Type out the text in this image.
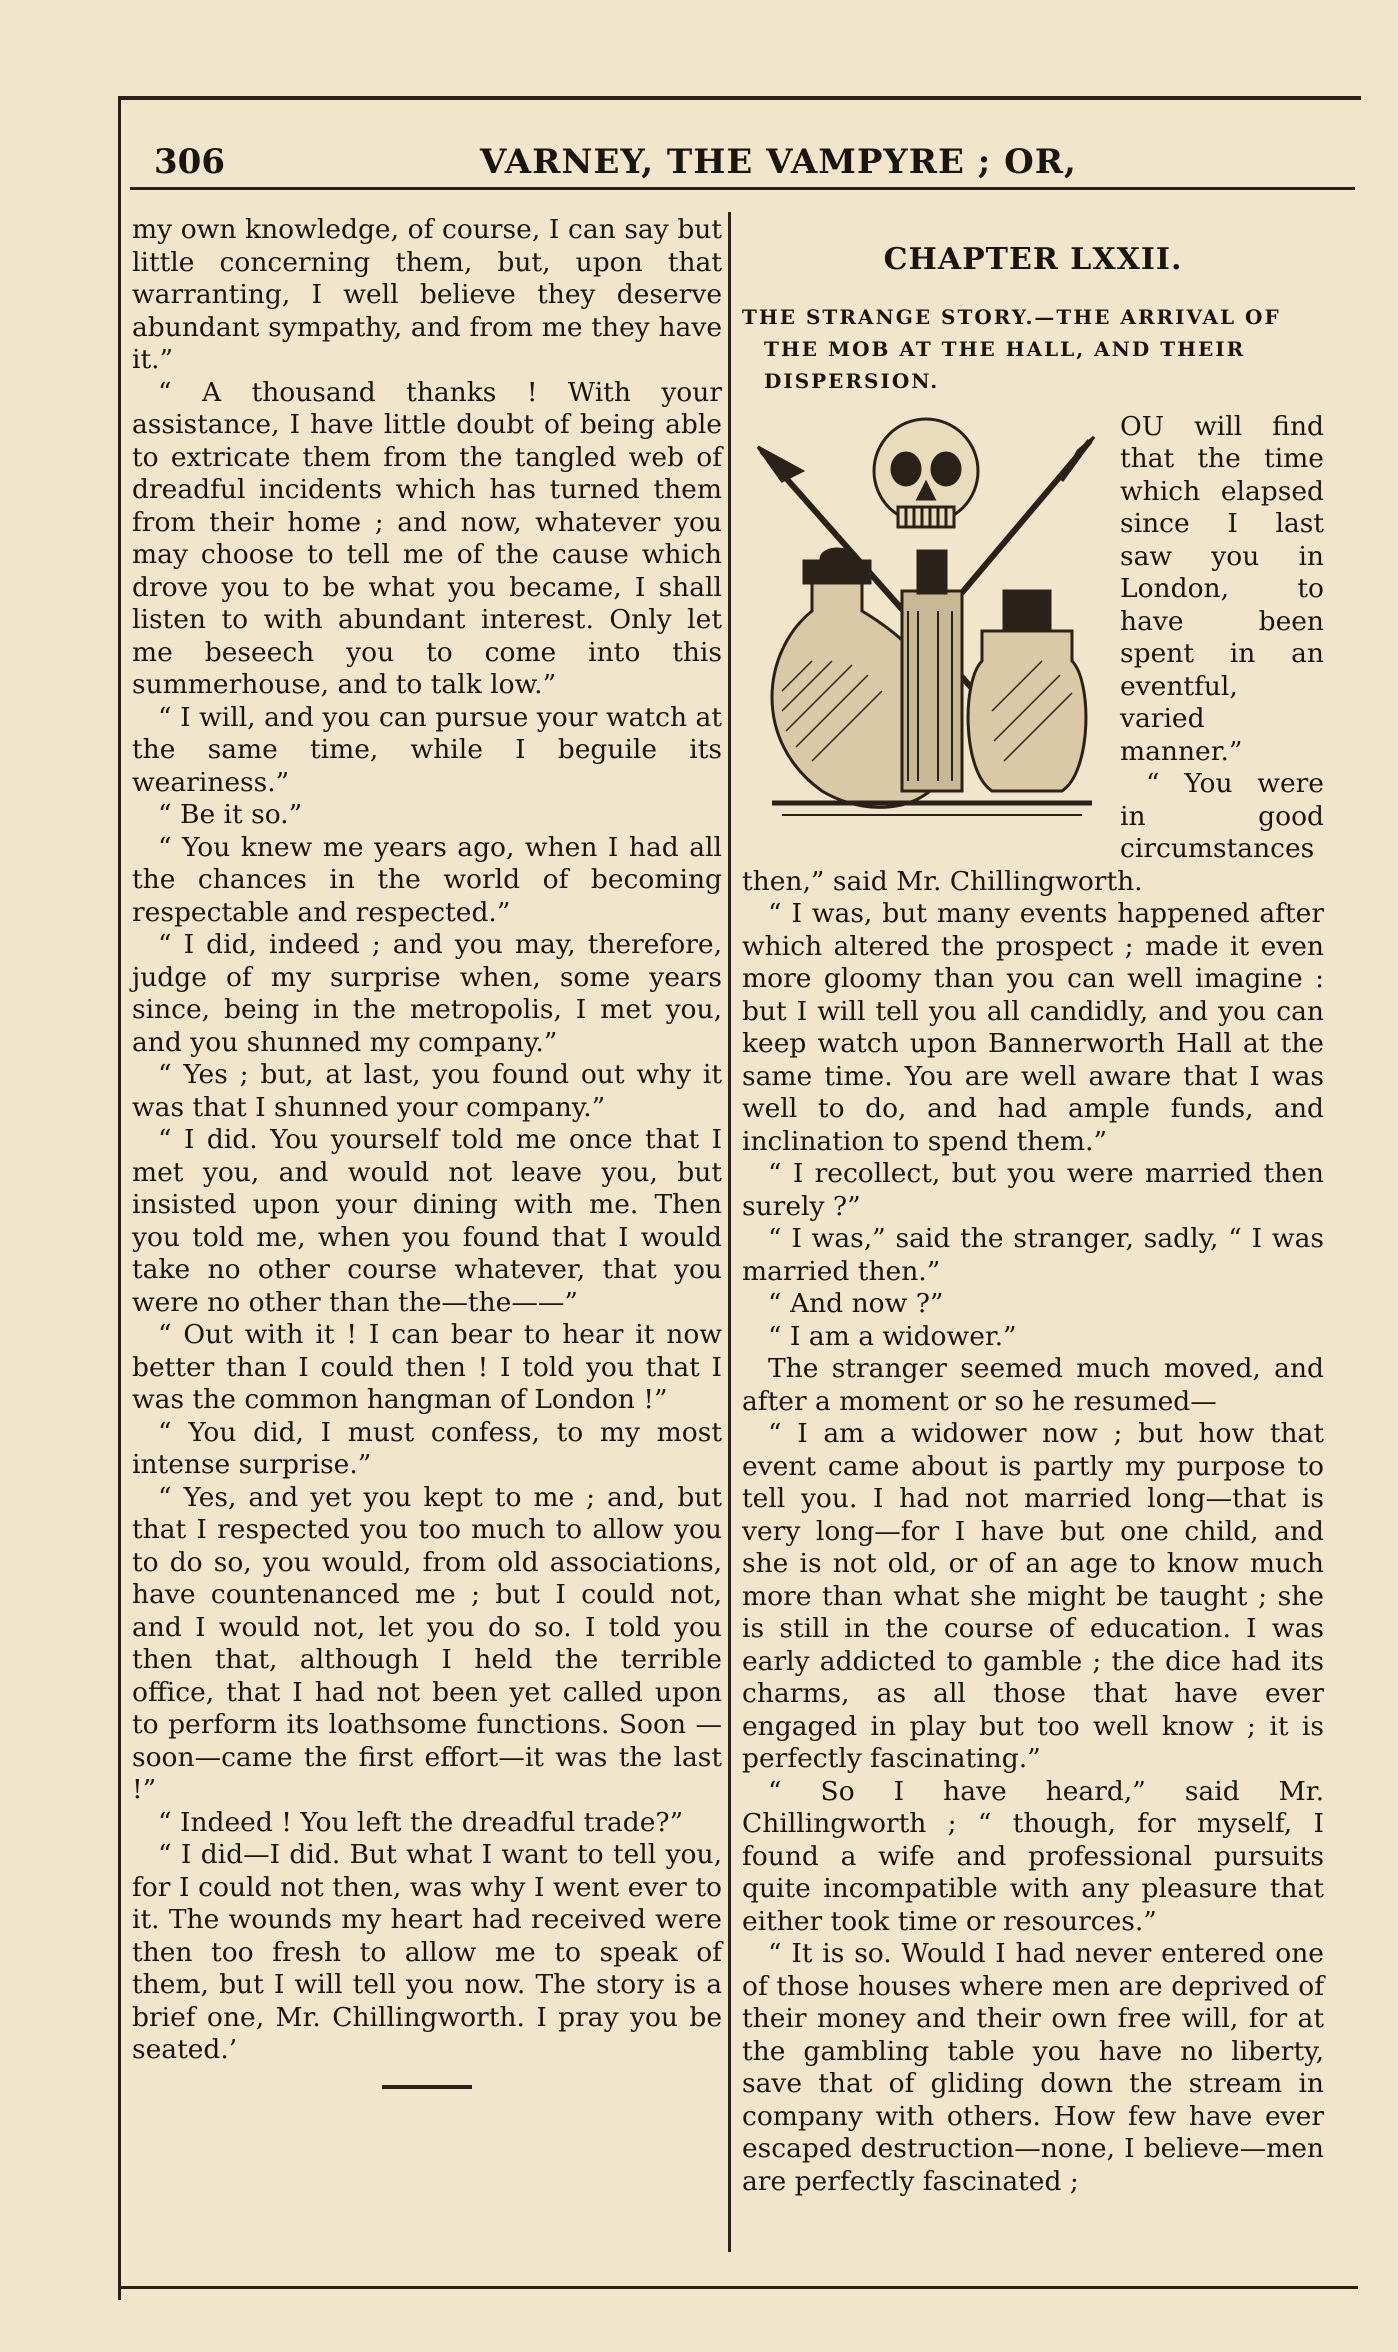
306	VARNEY, THE VAMPYRE ; OR,

my own knowledge, of course, I can say but little concerning them, but, upon that warranting, I well believe they deserve abundant sympathy, and from me they have it.”

“ A thousand thanks ! With your assistance, I have little doubt of being able to extricate them from the tangled web of dreadful incidents which has turned them from their home ; and now, whatever you may choose to tell me of the cause which drove you to be what you became, I shall listen to with abundant interest. Only let me beseech you to come into this summerhouse, and to talk low.”

“ I will, and you can pursue your watch at the same time, while I beguile its weariness.”

“ Be it so.”

“ You knew me years ago, when I had all the chances in the world of becoming respectable and respected.”

“ I did, indeed ; and you may, therefore, judge of my surprise when, some years since, being in the metropolis, I met you, and you shunned my company.”

“ Yes ; but, at last, you found out why it was that I shunned your company.”

“ I did. You yourself told me once that I met you, and would not leave you, but insisted upon your dining with me. Then you told me, when you found that I would take no other course whatever, that you were no other than the—the——”

“ Out with it ! I can bear to hear it now better than I could then ! I told you that I was the common hangman of London !”

“ You did, I must confess, to my most intense surprise.”

“ Yes, and yet you kept to me ; and, but that I respected you too much to allow you to do so, you would, from old associations, have countenanced me ; but I could not, and I would not, let you do so. I told you then that, although I held the terrible office, that I had not been yet called upon to perform its loathsome functions. Soon —soon—came the first effort—it was the last !”

“ Indeed ! You left the dreadful trade?”

“ I did—I did. But what I want to tell you, for I could not then, was why I went ever to it. The wounds my heart had received were then too fresh to allow me to speak of them, but I will tell you now. The story is a brief one, Mr. Chillingworth. I pray you be seated.’

CHAPTER LXXII.
THE STRANGE STORY.—THE ARRIVAL OF THE MOB AT THE HALL, AND THEIR DISPERSION.

OU will find that the time which elapsed since I last saw you in London, to have been spent in an eventful, varied manner.”

“ You were in good circumstances then,” said Mr. Chillingworth.

“ I was, but many events happened after which altered the prospect ; made it even more gloomy than you can well imagine : but I will tell you all candidly, and you can keep watch upon Bannerworth Hall at the same time. You are well aware that I was well to do, and had ample funds, and inclination to spend them.”

“ I recollect, but you were married then surely ?”

“ I was,” said the stranger, sadly, “ I was married then.”

“ And now ?”

“ I am a widower.”

The stranger seemed much moved, and after a moment or so he resumed—

“ I am a widower now ; but how that event came about is partly my purpose to tell you. I had not married long—that is very long—for I have but one child, and she is not old, or of an age to know much more than what she might be taught ; she is still in the course of education. I was early addicted to gamble ; the dice had its charms, as all those that have ever engaged in play but too well know ; it is perfectly fascinating.”

“ So I have heard,” said Mr. Chillingworth ; “ though, for myself, I found a wife and professional pursuits quite incompatible with any pleasure that either took time or resources.”

“ It is so. Would I had never entered one of those houses where men are deprived of their money and their own free will, for at the gambling table you have no liberty, save that of gliding down the stream in company with others. How few have ever escaped destruction—none, I believe—men are perfectly fascinated ;
